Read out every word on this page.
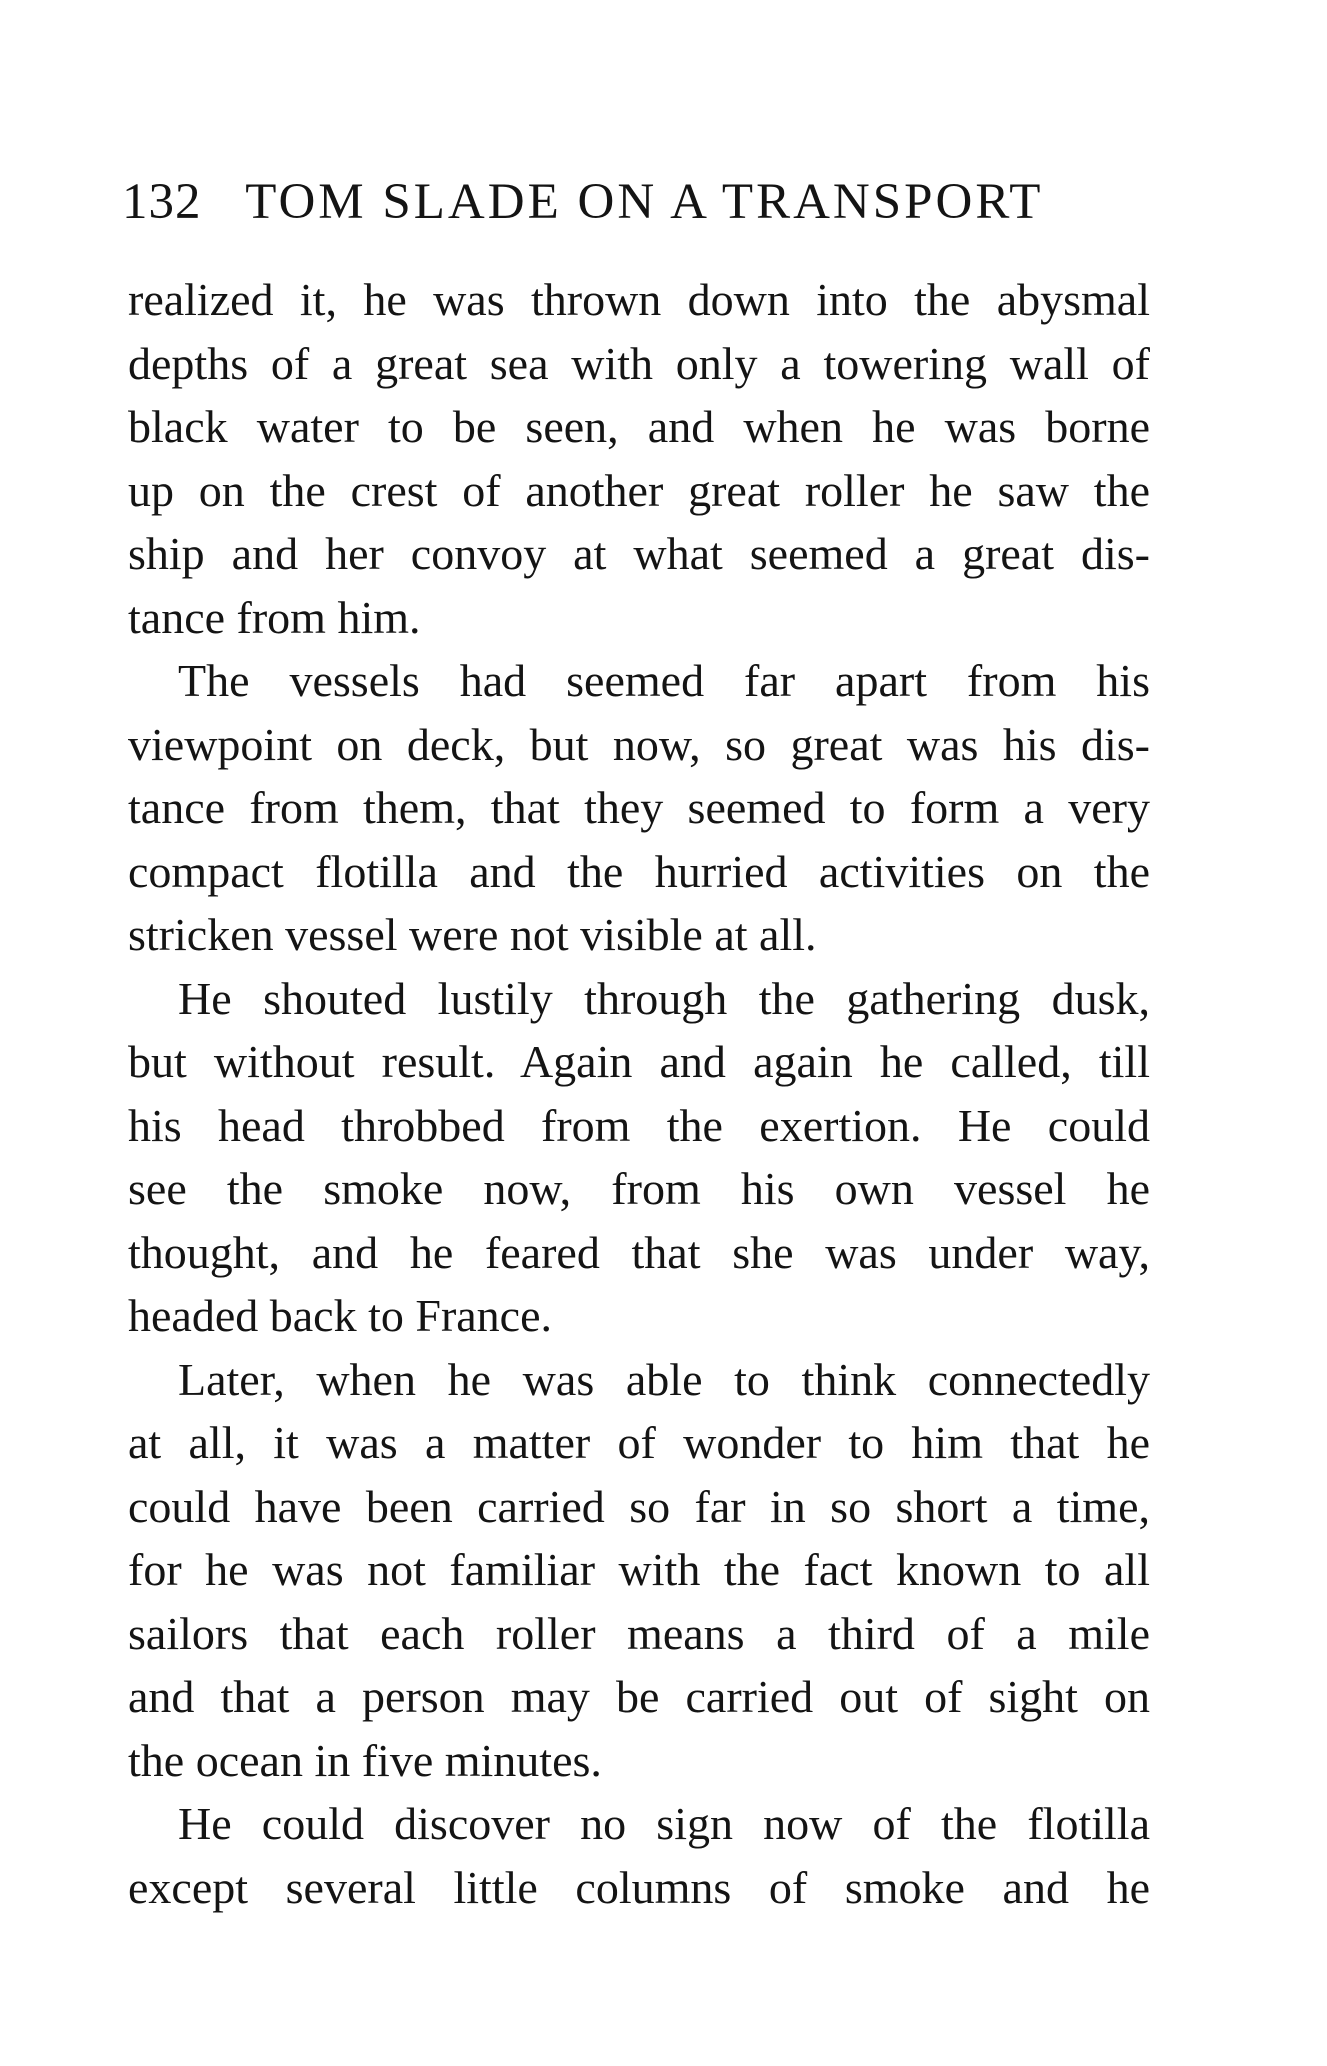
132 TOM SLADE ON A TRANSPORT

realized it, he was thrown down into the abysmal
depths of a great sea with only a towering wall of
black water to be seen, and when he was borne
up on the crest of another great roller he saw the
ship and her convoy at what seemed a great dis-
tance from him.

The vessels had seemed far apart from his
viewpoint on deck, but now, so great was his dis-
tance from them, that they seemed to form a very
compact flotilla and the hurried activities on the
stricken vessel were not visible at all.

He shouted lustily through the gathering dusk,
but without result. Again and again he called, till
his head throbbed from the exertion. He could
see the smoke now, from his own vessel he
thought, and he feared that she was under way,
headed back to France.

Later, when he was able to think connectedly
at all, it was a matter of wonder to him that he
could have been carried so far in so short a time,
for he was not familiar with the fact known to all
sailors that each roller means a third of a mile
and that a person may be carried out of sight on
the ocean in five minutes.

He could discover no sign now of the flotilla
except several little columns of smoke and he
